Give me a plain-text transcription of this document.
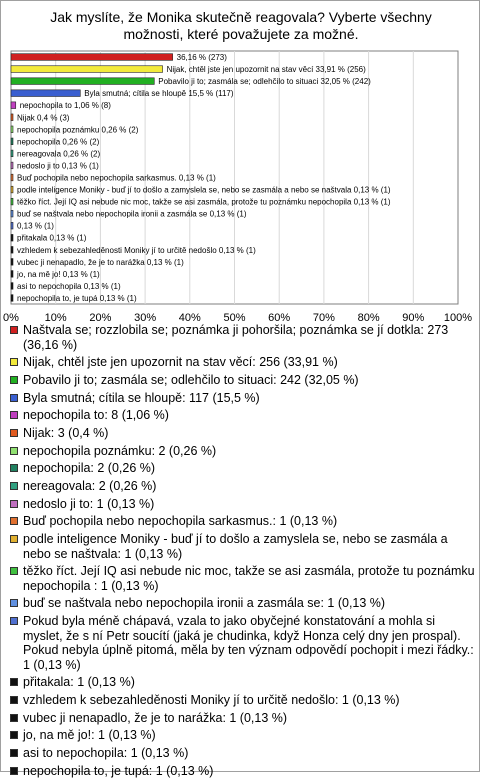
Jak myslíte, že Monika skutečně reagovala? Vyberte všechny možnosti, které považujete za možné.
0% 10% 20% 30% 40% 50% 60% 70% 80% 90% 100%
36,16 % (273)
Nijak, chtěl jste jen upozornit na stav věcí 33,91 % (256)
Pobavilo ji to; zasmála se; odlehčilo to situaci 32,05 % (242)
Byla smutná; cítila se hloupě 15,5 % (117)
nepochopila to 1,06 % (8)
Nijak 0,4 % (3)
nepochopila poznámku 0,26 % (2)
nepochopila 0,26 % (2)
nereagovala 0,26 % (2)
nedoslo ji to 0,13 % (1)
Buď pochopila nebo nepochopila sarkasmus. 0,13 % (1)
podle inteligence Moniky - buď jí to došlo a zamyslela se, nebo se zasmála a nebo se naštvala 0,13 % (1)
těžko říct. Její IQ asi nebude nic moc, takže se asi zasmála, protože tu poznámku nepochopila 0,13 % (1)
buď se naštvala nebo nepochopila ironii a zasmála se 0,13 % (1)
0,13 % (1)
přitakala 0,13 % (1)
vzhledem k sebezahleděnosti Moniky jí to určitě nedošlo 0,13 % (1)
vubec ji nenapadlo, že je to narážka 0,13 % (1)
jo, na mě jo! 0,13 % (1)
asi to nepochopila 0,13 % (1)
nepochopila to, je tupá 0,13 % (1)
Naštvala se; rozzlobila se; poznámka ji pohoršila; poznámka se jí dotkla: 273 (36,16 %)
Nijak, chtěl jste jen upozornit na stav věcí: 256 (33,91 %)
Pobavilo ji to; zasmála se; odlehčilo to situaci: 242 (32,05 %)
Byla smutná; cítila se hloupě: 117 (15,5 %)
nepochopila to: 8 (1,06 %)
Nijak: 3 (0,4 %)
nepochopila poznámku: 2 (0,26 %)
nepochopila: 2 (0,26 %)
nereagovala: 2 (0,26 %)
nedoslo ji to: 1 (0,13 %)
Buď pochopila nebo nepochopila sarkasmus.: 1 (0,13 %)
podle inteligence Moniky - buď jí to došlo a zamyslela se, nebo se zasmála a nebo se naštvala: 1 (0,13 %)
těžko říct. Její IQ asi nebude nic moc, takže se asi zasmála, protože tu poznámku nepochopila : 1 (0,13 %)
buď se naštvala nebo nepochopila ironii a zasmála se: 1 (0,13 %)
Pokud byla méně chápavá, vzala to jako obyčejné konstatování a mohla si myslet, že s ní Petr soucítí (jaká je chudinka, když Honza celý dny jen prospal). Pokud nebyla úplně pitomá, měla by ten význam odpovědí pochopit i mezi řádky.: 1 (0,13 %)
přitakala: 1 (0,13 %)
vzhledem k sebezahleděnosti Moniky jí to určitě nedošlo: 1 (0,13 %)
vubec ji nenapadlo, že je to narážka: 1 (0,13 %)
jo, na mě jo!: 1 (0,13 %)
asi to nepochopila: 1 (0,13 %)
nepochopila to, je tupá: 1 (0,13 %)
